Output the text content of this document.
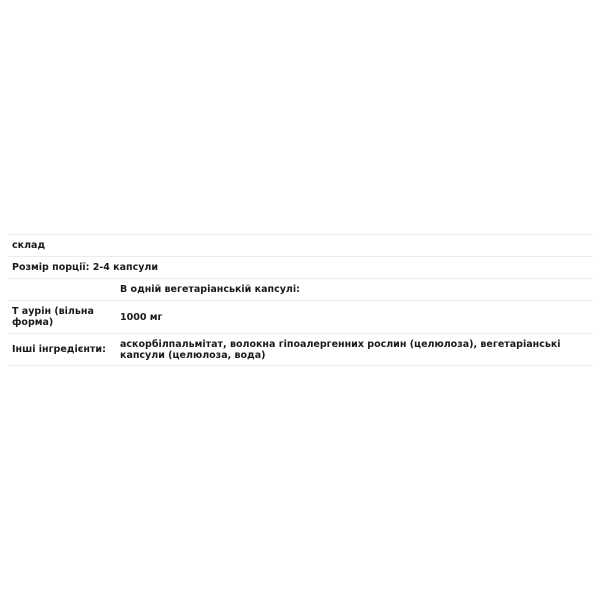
склад	
Розмір порції: 2-4 капсули	
	В одній вегетаріанській капсулі:
Т аурін (вільна форма)	1000 мг
Інші інгредієнти:	аскорбілпальмітат, волокна гіпоалергенних рослин (целюлоза), вегетаріанські капсули (целюлоза, вода)
